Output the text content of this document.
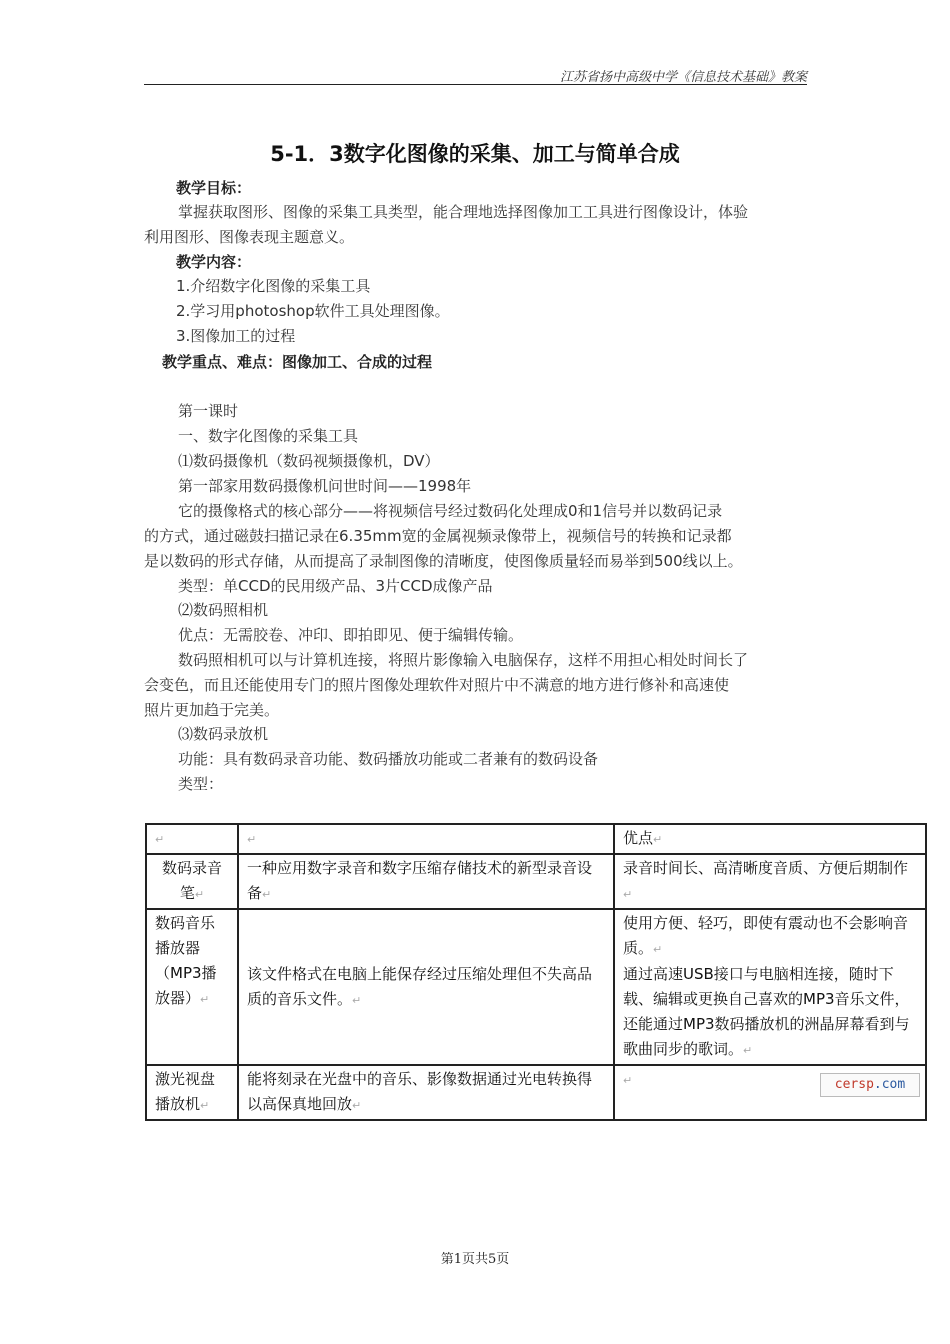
江苏省扬中高级中学《信息技术基础》教案
5-1．3数字化图像的采集、加工与简单合成
教学目标：
掌握获取图形、图像的采集工具类型，能合理地选择图像加工工具进行图像设计，体验
利用图形、图像表现主题意义。
教学内容：
1.介绍数字化图像的采集工具
2.学习用photoshop软件工具处理图像。
3.图像加工的过程
教学重点、难点：图像加工、合成的过程
第一课时
一、数字化图像的采集工具
⑴数码摄像机（数码视频摄像机，DV）
第一部家用数码摄像机问世时间——1998年
它的摄像格式的核心部分——将视频信号经过数码化处理成0和1信号并以数码记录
的方式，通过磁鼓扫描记录在6.35mm宽的金属视频录像带上，视频信号的转换和记录都
是以数码的形式存储，从而提高了录制图像的清晰度，使图像质量轻而易举到500线以上。
类型：单CCD的民用级产品、3片CCD成像产品
⑵数码照相机
优点：无需胶卷、冲印、即拍即见、便于编辑传输。
数码照相机可以与计算机连接，将照片影像输入电脑保存，这样不用担心相处时间长了
会变色，而且还能使用专门的照片图像处理软件对照片中不满意的地方进行修补和高速使
照片更加趋于完美。
⑶数码录放机
功能：具有数码录音功能、数码播放功能或二者兼有的数码设备
类型：
↵	↵	优点↵
数码录音笔↵	一种应用数字录音和数字压缩存储技术的新型录音设备↵	录音时间长、高清晰度音质、方便后期制作↵
数码音乐播放器（MP3播放器）↵	该文件格式在电脑上能保存经过压缩处理但不失高品质的音乐文件。↵	使用方便、轻巧，即使有震动也不会影响音质。↵
通过高速USB接口与电脑相连接，随时下载、编辑或更换自己喜欢的MP3音乐文件，还能通过MP3数码播放机的洲晶屏幕看到与歌曲同步的歌词。↵

激光视盘播放机↵	能将刻录在光盘中的音乐、影像数据通过光电转换得以高保真地回放↵	↵	cersp.com
第1页共5页
